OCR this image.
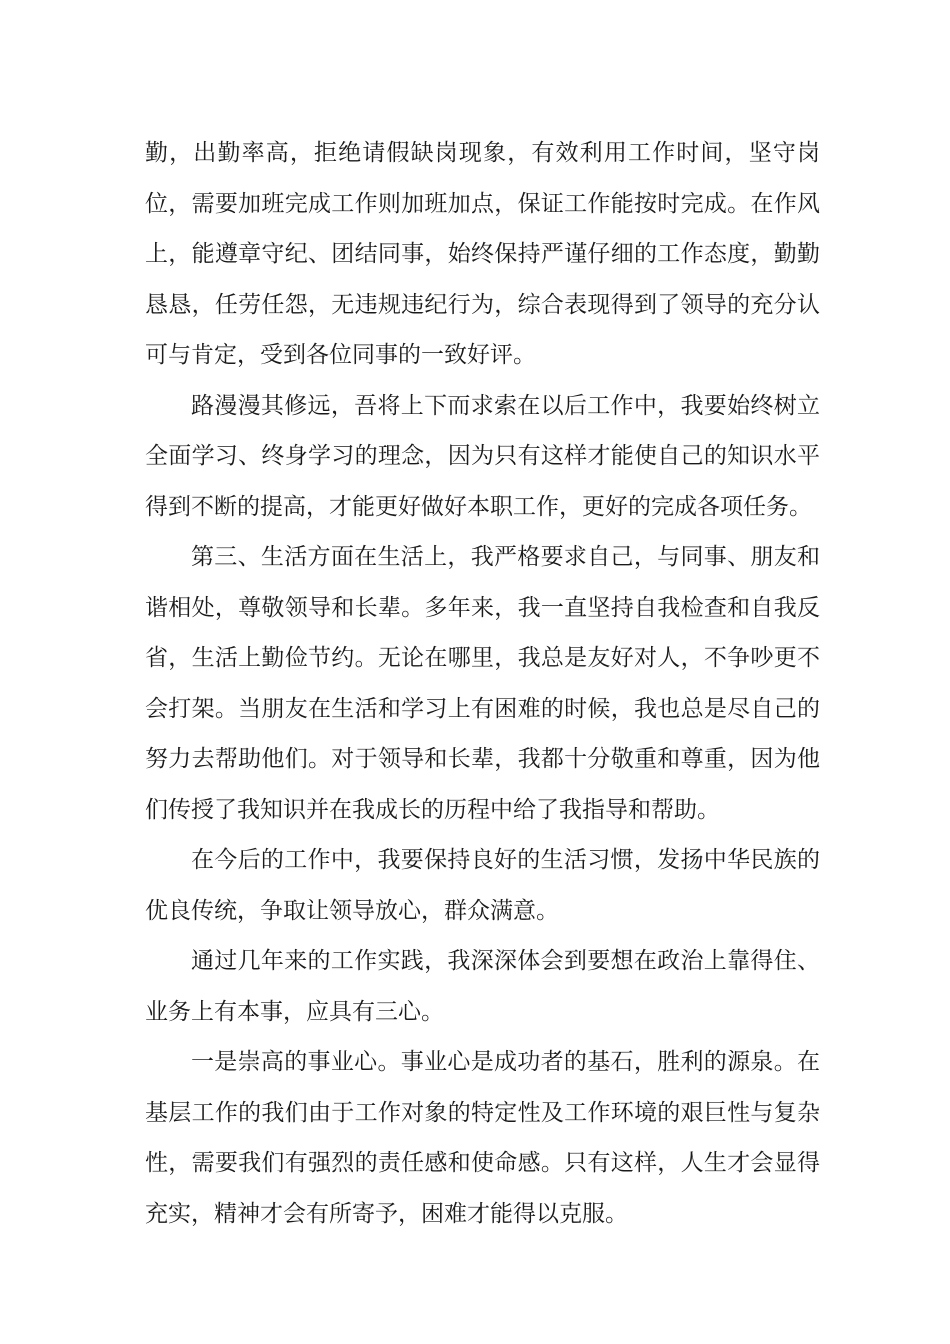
勤，出勤率高，拒绝请假缺岗现象，有效利用工作时间，坚守岗位，需要加班完成工作则加班加点，保证工作能按时完成。在作风上，能遵章守纪、团结同事，始终保持严谨仔细的工作态度，勤勤恳恳，任劳任怨，无违规违纪行为，综合表现得到了领导的充分认可与肯定，受到各位同事的一致好评。

路漫漫其修远，吾将上下而求索在以后工作中，我要始终树立全面学习、终身学习的理念，因为只有这样才能使自己的知识水平得到不断的提高，才能更好做好本职工作，更好的完成各项任务。

第三、生活方面在生活上，我严格要求自己，与同事、朋友和谐相处，尊敬领导和长辈。多年来，我一直坚持自我检查和自我反省，生活上勤俭节约。无论在哪里，我总是友好对人，不争吵更不会打架。当朋友在生活和学习上有困难的时候，我也总是尽自己的努力去帮助他们。对于领导和长辈，我都十分敬重和尊重，因为他们传授了我知识并在我成长的历程中给了我指导和帮助。

在今后的工作中，我要保持良好的生活习惯，发扬中华民族的优良传统，争取让领导放心，群众满意。

通过几年来的工作实践，我深深体会到要想在政治上靠得住、业务上有本事，应具有三心。

一是崇高的事业心。事业心是成功者的基石，胜利的源泉。在基层工作的我们由于工作对象的特定性及工作环境的艰巨性与复杂性，需要我们有强烈的责任感和使命感。只有这样，人生才会显得充实，精神才会有所寄予，困难才能得以克服。
